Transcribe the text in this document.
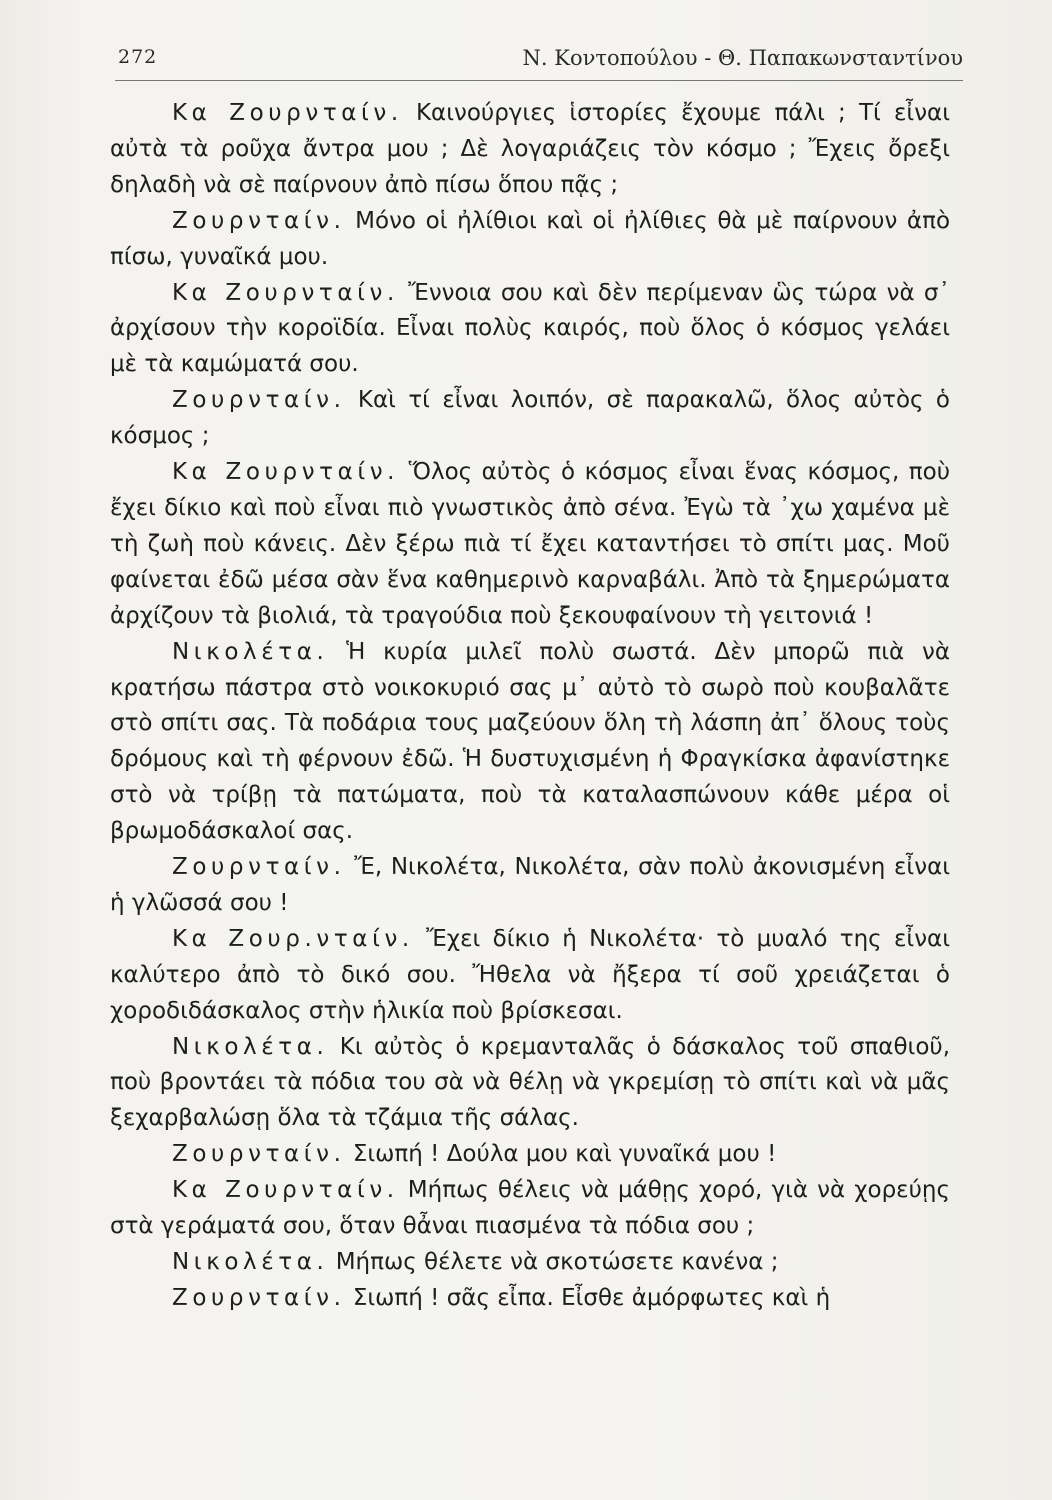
272	Ν. Κοντοπούλου - Θ. Παπακωνσταντίνου

Κα Ζουρνταίν. Καινούργιες ἱστορίες ἔχουμε πάλι ; Τί εἶναι αὐτὰ τὰ ροῦχα ἄντρα μου ; Δὲ λογαριάζεις τὸν κόσμο ; Ἔχεις ὄρεξι δηλαδὴ νὰ σὲ παίρνουν ἀπὸ πίσω ὅπου πᾷς ;

Ζουρνταίν. Μόνο οἱ ἠλίθιοι καὶ οἱ ἠλίθιες θὰ μὲ παίρνουν ἀπὸ πίσω, γυναῖκά μου.

Κα Ζουρνταίν. Ἔννοια σου καὶ δὲν περίμεναν ὣς τώρα νὰ σ᾿ ἀρχίσουν τὴν κοροϊδία. Εἶναι πολὺς καιρός, ποὺ ὅλος ὁ κόσμος γελάει μὲ τὰ καμώματά σου.

Ζουρνταίν. Καὶ τί εἶναι λοιπόν, σὲ παρακαλῶ, ὅλος αὐτὸς ὁ κόσμος ;

Κα Ζουρνταίν. Ὅλος αὐτὸς ὁ κόσμος εἶναι ἕνας κόσμος, ποὺ ἔχει δίκιο καὶ ποὺ εἶναι πιὸ γνωστικὸς ἀπὸ σένα. Ἐγὼ τὰ ᾿χω χαμένα μὲ τὴ ζωὴ ποὺ κάνεις. Δὲν ξέρω πιὰ τί ἔχει καταντήσει τὸ σπίτι μας. Μοῦ φαίνεται ἐδῶ μέσα σὰν ἕνα καθημερινὸ καρναβάλι. Ἀπὸ τὰ ξημερώματα ἀρχίζουν τὰ βιολιά, τὰ τραγούδια ποὺ ξεκουφαίνουν τὴ γειτονιά !

Νικολέτα. Ἡ κυρία μιλεῖ πολὺ σωστά. Δὲν μπορῶ πιὰ νὰ κρατήσω πάστρα στὸ νοικοκυριό σας μ᾿ αὐτὸ τὸ σωρὸ ποὺ κουβαλᾶτε στὸ σπίτι σας. Τὰ ποδάρια τους μαζεύουν ὅλη τὴ λάσπη ἀπ᾿ ὅλους τοὺς δρόμους καὶ τὴ φέρνουν ἐδῶ. Ἡ δυστυχισμένη ἡ Φραγκίσκα ἀφανίστηκε στὸ νὰ τρίβῃ τὰ πατώματα, ποὺ τὰ καταλασπώνουν κάθε μέρα οἱ βρωμοδάσκαλοί σας.

Ζουρνταίν. Ἔ, Νικολέτα, Νικολέτα, σὰν πολὺ ἀκονισμένη εἶναι ἡ γλῶσσά σου !

Κα Ζουρ.νταίν. Ἔχει δίκιο ἡ Νικολέτα· τὸ μυαλό της εἶναι καλύτερο ἀπὸ τὸ δικό σου. Ἤθελα νὰ ἤξερα τί σοῦ χρειάζεται ὁ χοροδιδάσκαλος στὴν ἡλικία ποὺ βρίσκεσαι.

Νικολέτα. Κι αὐτὸς ὁ κρεμανταλᾶς ὁ δάσκαλος τοῦ σπαθιοῦ, ποὺ βροντάει τὰ πόδια του σὰ νὰ θέλῃ νὰ γκρεμίσῃ τὸ σπίτι καὶ νὰ μᾶς ξεχαρβαλώσῃ ὅλα τὰ τζάμια τῆς σάλας.

Ζουρνταίν. Σιωπή ! Δούλα μου καὶ γυναῖκά μου !

Κα Ζουρνταίν. Μήπως θέλεις νὰ μάθῃς χορό, γιὰ νὰ χορεύῃς στὰ γεράματά σου, ὅταν θἆναι πιασμένα τὰ πόδια σου ;

Νικολέτα. Μήπως θέλετε νὰ σκοτώσετε κανένα ;

Ζουρνταίν. Σιωπή ! σᾶς εἶπα. Εἶσθε ἀμόρφωτες καὶ ἡ
